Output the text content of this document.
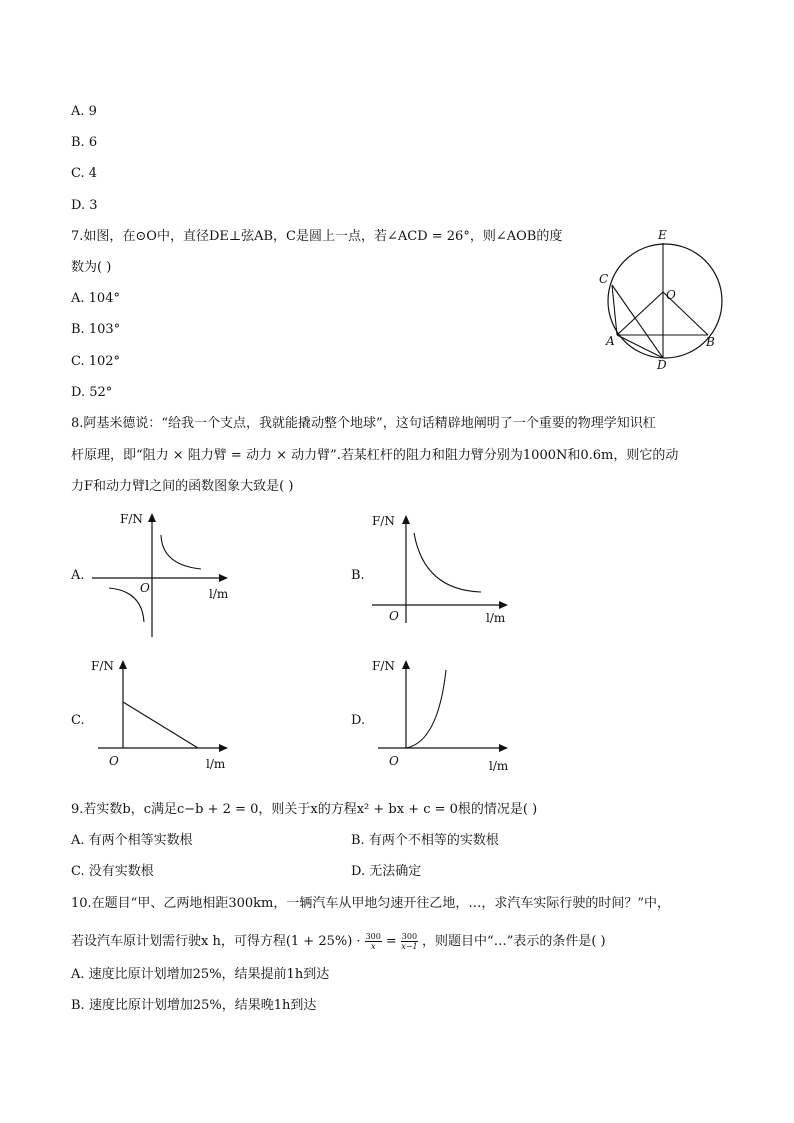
A. 9
B. 6
C. 4
D. 3
7.如图，在⊙O中，直径DE⊥弦AB，C是圆上一点，若∠ACD = 26°，则∠AOB的度
数为( )
A. 104°
B. 103°
C. 102°
D. 52°
E
C
O
A	B
D
8.阿基米德说：“给我一个支点，我就能撬动整个地球”，这句话精辟地阐明了一个重要的物理学知识杠
杆原理，即“阻力 × 阻力臂 = 动力 × 动力臂”.若某杠杆的阻力和阻力臂分别为1000N和0.6m，则它的动
力F和动力臂l之间的函数图象大致是( )
A.
F/N
O	l/m
B.
F/N
O	l/m
C.
F/N
O	l/m
D.
F/N
O	l/m
9.若实数b，c满足c−b + 2 = 0，则关于x的方程x² + bx + c = 0根的情况是( )
A. 有两个相等实数根	B. 有两个不相等的实数根
C. 没有实数根	D. 无法确定
10.在题目“甲、乙两地相距300km，一辆汽车从甲地匀速开往乙地，…，求汽车实际行驶的时间？”中，
若设汽车原计划需行驶x h，可得方程$(1 + 25\%) \cdot \frac{300}{x} = \frac{300}{x-1}$ ，则题目中“…”表示的条件是( )
A. 速度比原计划增加25%，结果提前1h到达
B. 速度比原计划增加25%，结果晚1h到达
